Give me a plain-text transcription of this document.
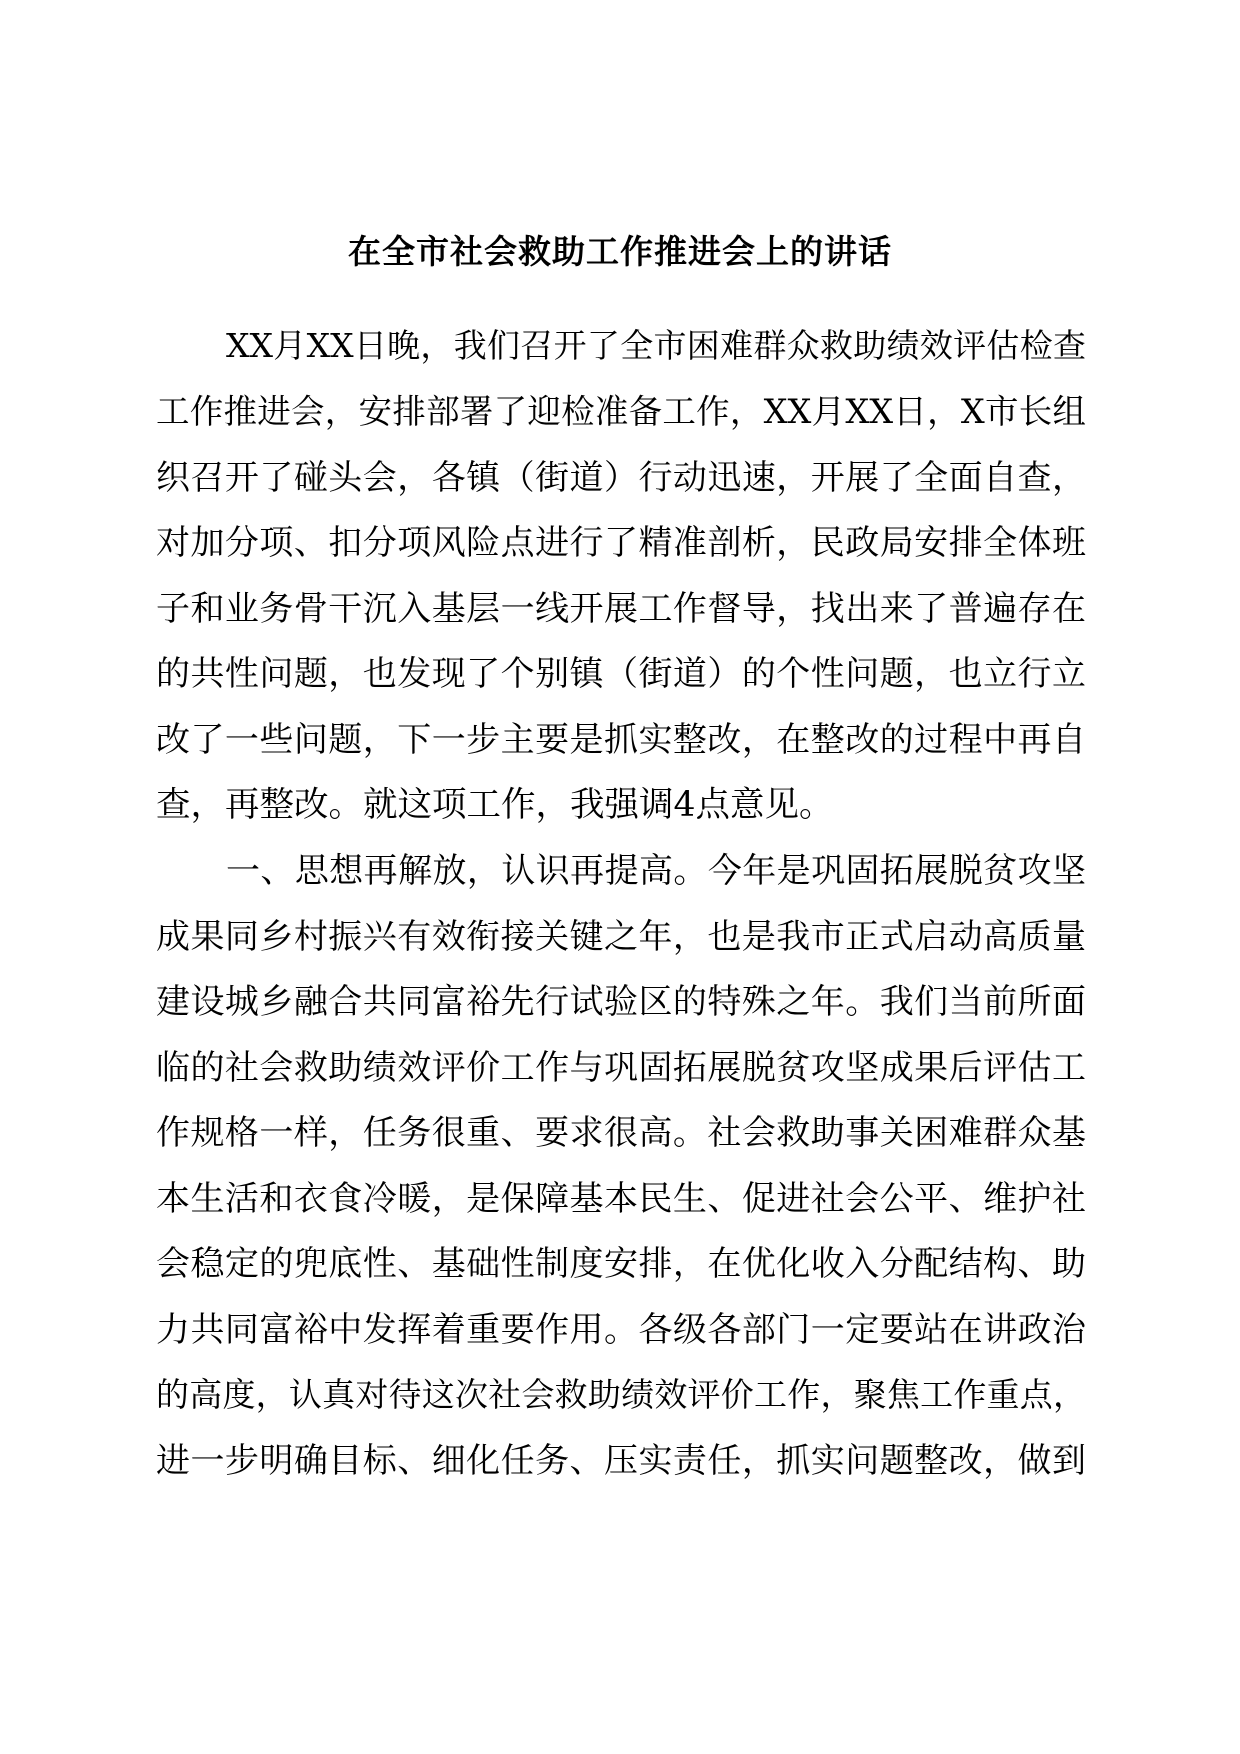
在全市社会救助工作推进会上的讲话

XX月XX日晚，我们召开了全市困难群众救助绩效评估检查

工作推进会，安排部署了迎检准备工作，XX月XX日，X市长组

织召开了碰头会，各镇（街道）行动迅速，开展了全面自查，

对加分项、扣分项风险点进行了精准剖析，民政局安排全体班

子和业务骨干沉入基层一线开展工作督导，找出来了普遍存在

的共性问题，也发现了个别镇（街道）的个性问题，也立行立

改了一些问题，下一步主要是抓实整改，在整改的过程中再自

查，再整改。就这项工作，我强调4点意见。

一、思想再解放，认识再提高。今年是巩固拓展脱贫攻坚

成果同乡村振兴有效衔接关键之年，也是我市正式启动高质量

建设城乡融合共同富裕先行试验区的特殊之年。我们当前所面

临的社会救助绩效评价工作与巩固拓展脱贫攻坚成果后评估工

作规格一样，任务很重、要求很高。社会救助事关困难群众基

本生活和衣食冷暖，是保障基本民生、促进社会公平、维护社

会稳定的兜底性、基础性制度安排，在优化收入分配结构、助

力共同富裕中发挥着重要作用。各级各部门一定要站在讲政治

的高度，认真对待这次社会救助绩效评价工作，聚焦工作重点，

进一步明确目标、细化任务、压实责任，抓实问题整改，做到
